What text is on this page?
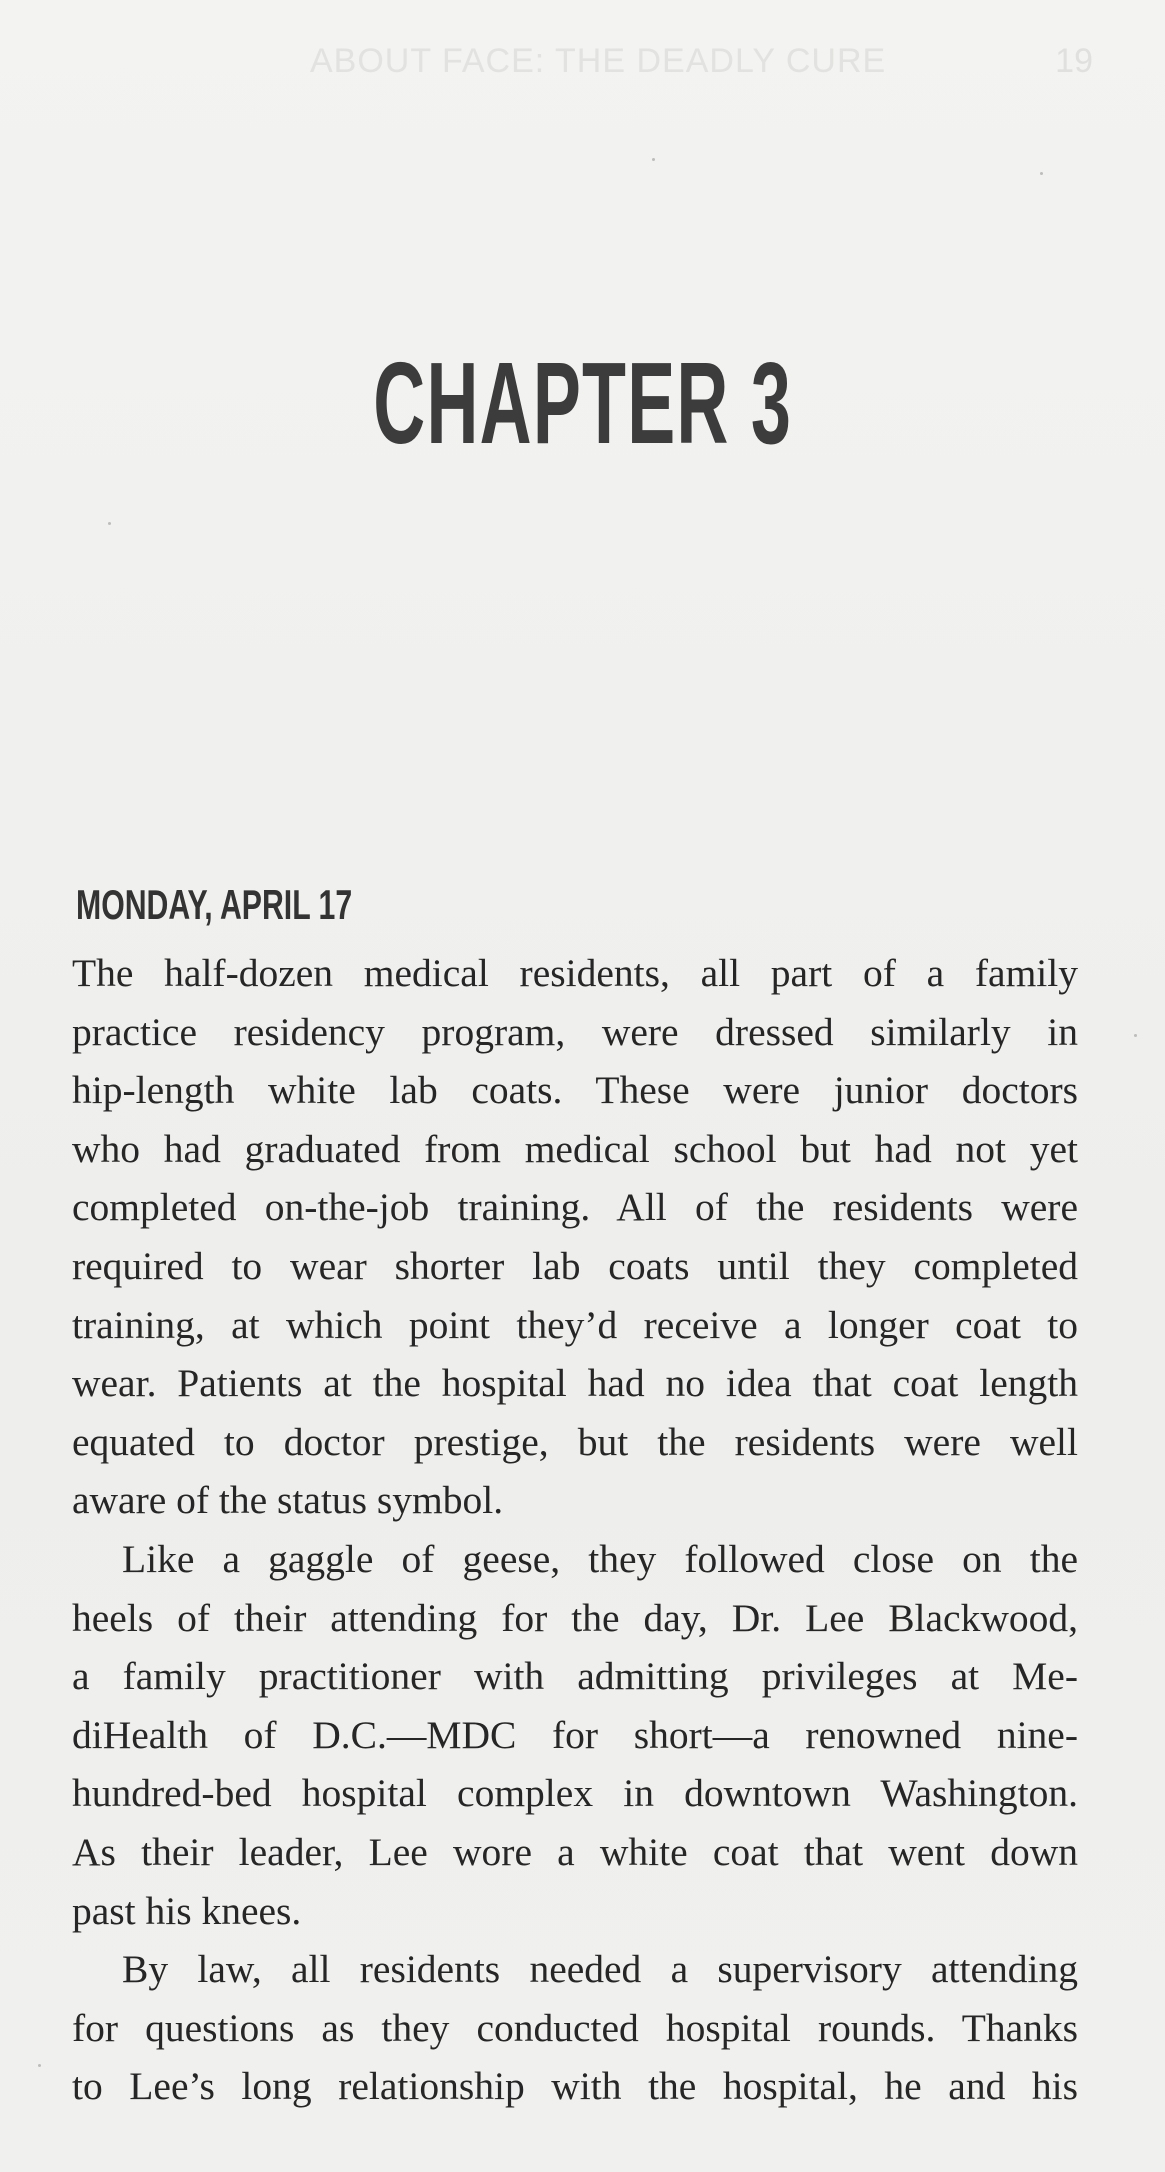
ABOUT FACE: THE DEADLY CURE	19
CHAPTER 3
MONDAY, APRIL 17
The half-dozen medical residents, all part of a family
practice residency program, were dressed similarly in
hip-length white lab coats. These were junior doctors
who had graduated from medical school but had not yet
completed on-the-job training. All of the residents were
required to wear shorter lab coats until they completed
training, at which point they’d receive a longer coat to
wear. Patients at the hospital had no idea that coat length
equated to doctor prestige, but the residents were well
aware of the status symbol.
Like a gaggle of geese, they followed close on the
heels of their attending for the day, Dr. Lee Blackwood,
a family practitioner with admitting privileges at Me-
diHealth of D.C.—MDC for short—a renowned nine-
hundred-bed hospital complex in downtown Washington.
As their leader, Lee wore a white coat that went down
past his knees.
By law, all residents needed a supervisory attending
for questions as they conducted hospital rounds. Thanks
to Lee’s long relationship with the hospital, he and his
